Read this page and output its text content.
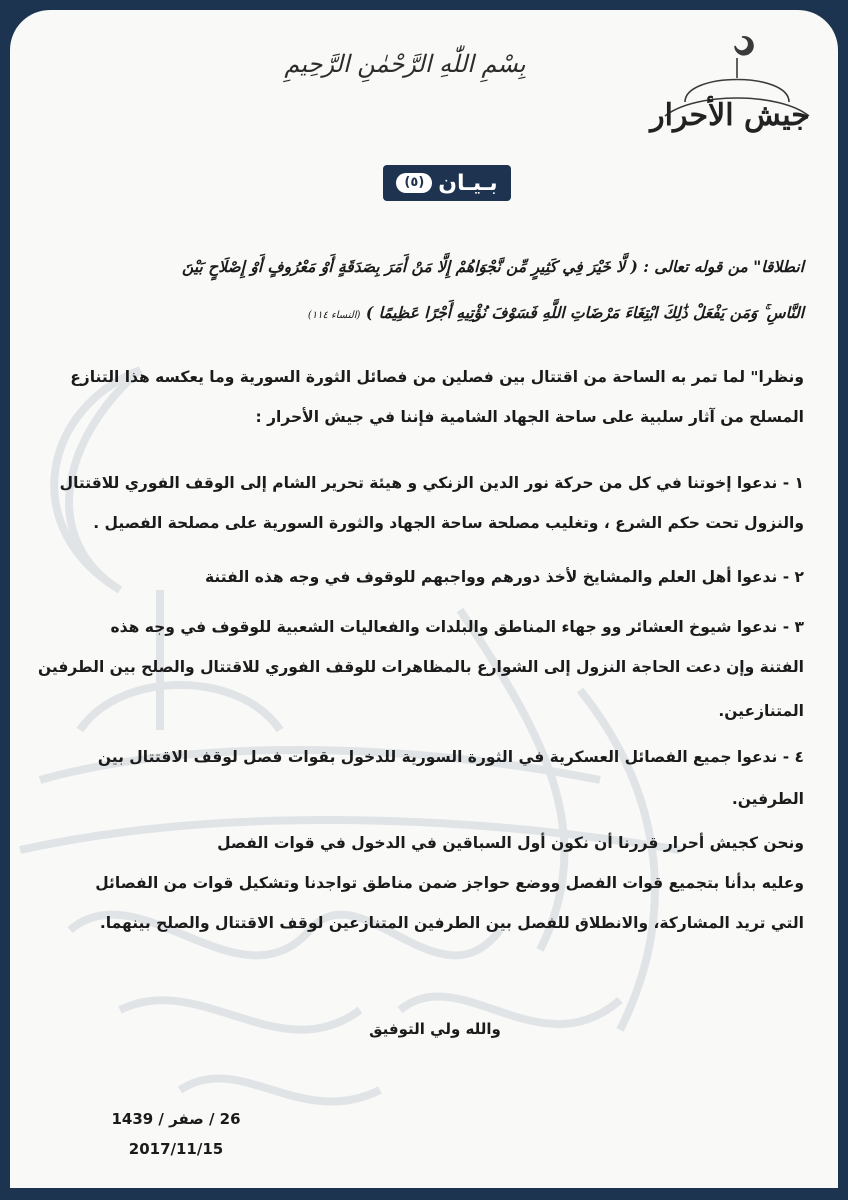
جيش الأحرار
بِسْمِ اللّٰهِ الرَّحْمٰنِ الرَّحِيمِ
بـيـان
(٥)
انطلاقا" من قوله تعالى : ( لَّا خَيْرَ فِي كَثِيرٍ مِّن نَّجْوَاهُمْ إِلَّا مَنْ أَمَرَ بِصَدَقَةٍ أَوْ مَعْرُوفٍ أَوْ إِصْلَاحٍ بَيْنَ
النَّاسِ ۚ وَمَن يَفْعَلْ ذَٰلِكَ ابْتِغَاءَ مَرْضَاتِ اللَّهِ فَسَوْفَ نُؤْتِيهِ أَجْرًا عَظِيمًا ) (النساء ١١٤)
ونظرا" لما تمر به الساحة من اقتتال بين فصلين من فصائل الثورة السورية وما يعكسه هذا التنازع
المسلح من آثار سلبية على ساحة الجهاد الشامية فإننا في جيش الأحرار :
١ - ندعوا إخوتنا في كل من حركة نور الدين الزنكي و هيئة تحرير الشام إلى الوقف الفوري للاقتتال
والنزول تحت حكم الشرع ، وتغليب مصلحة ساحة الجهاد والثورة السورية على مصلحة الفصيل .
٢ - ندعوا أهل العلم والمشايخ لأخذ دورهم وواجبهم للوقوف في وجه هذه الفتنة
٣ - ندعوا شيوخ العشائر وو جهاء المناطق والبلدات والفعاليات الشعبية للوقوف في وجه هذه
الفتنة وإن دعت الحاجة النزول إلى الشوارع بالمظاهرات للوقف الفوري للاقتتال والصلح بين الطرفين
المتنازعين.
٤ - ندعوا جميع الفصائل العسكرية في الثورة السورية للدخول بقوات فصل لوقف الاقتتال بين
الطرفين.
ونحن كجيش أحرار قررنا أن نكون أول السباقين في الدخول في قوات الفصل
وعليه بدأنا بتجميع قوات الفصل ووضع حواجز ضمن مناطق تواجدنا وتشكيل قوات من الفصائل
التي تريد المشاركة، والانطلاق للفصل بين الطرفين المتنازعين لوقف الاقتتال والصلح بينهما.
والله ولي التوفيق
26 / صفر / 1439
2017/11/15
